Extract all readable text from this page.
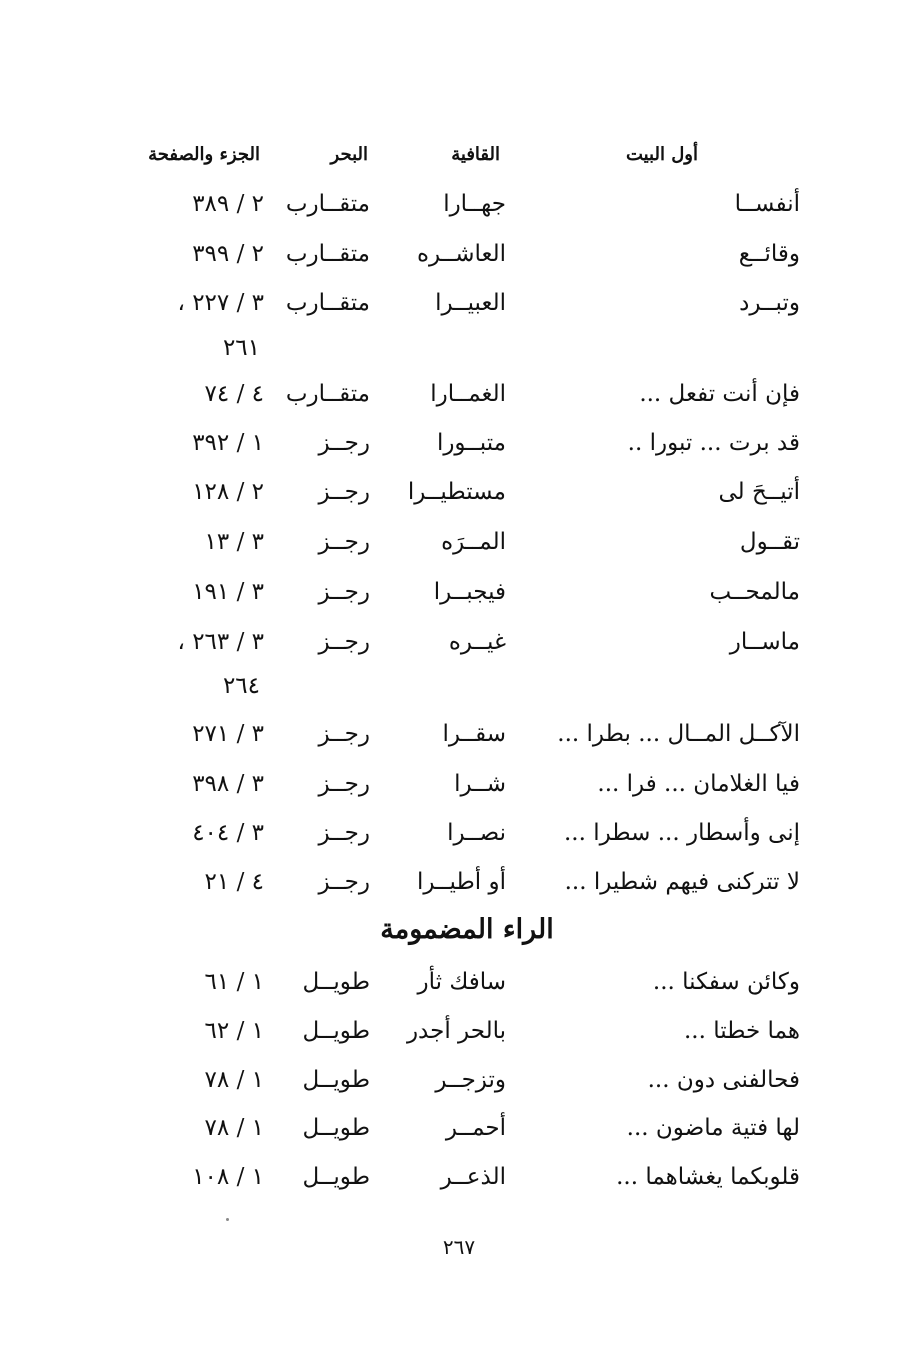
أول البيت
القافية
البحر
الجزء والصفحة
أنفســا
جهــارا
متقــارب
٢ / ٣٨٩
وقائــع
العاشــره
متقــارب
٢ / ٣٩٩
وتبــرد
العبيــرا
متقــارب
٣ / ٢٢٧ ،
٢٦١
فإن أنت تفعل ...
الغمــارا
متقــارب
٤ / ٧٤
قد برت ... تبورا ..
متبــورا
رجــز
١ / ٣٩٢
أتيــحَ لى
مستطيــرا
رجــز
٢ / ١٢٨
تقــول
المــرَه
رجــز
٣ / ١٣
مالمحــب
فيجبــرا
رجــز
٣ / ١٩١
ماســار
غيــره
رجــز
٣ / ٢٦٣ ،
٢٦٤
الآكــل المــال ... بطرا ...
سقــرا
رجــز
٣ / ٢٧١
فيا الغلامان ... فرا ...
شــرا
رجــز
٣ / ٣٩٨
إنى وأسطار ... سطرا ...
نصــرا
رجــز
٣ / ٤٠٤
لا تتركنى فيهم شطيرا ...
أو أطيــرا
رجــز
٤ / ٢١
الراء المضمومة
وكائن سفكنا ...
سافك ثأر
طويــل
١ / ٦١
هما خطتا ...
بالحر أجدر
طويــل
١ / ٦٢
فحالفنى دون ...
وتزجــر
طويــل
١ / ٧٨
لها فتية ماضون ...
أحمــر
طويــل
١ / ٧٨
قلوبكما يغشاهما ...
الذعــر
طويــل
١ / ١٠٨
٢٦٧
